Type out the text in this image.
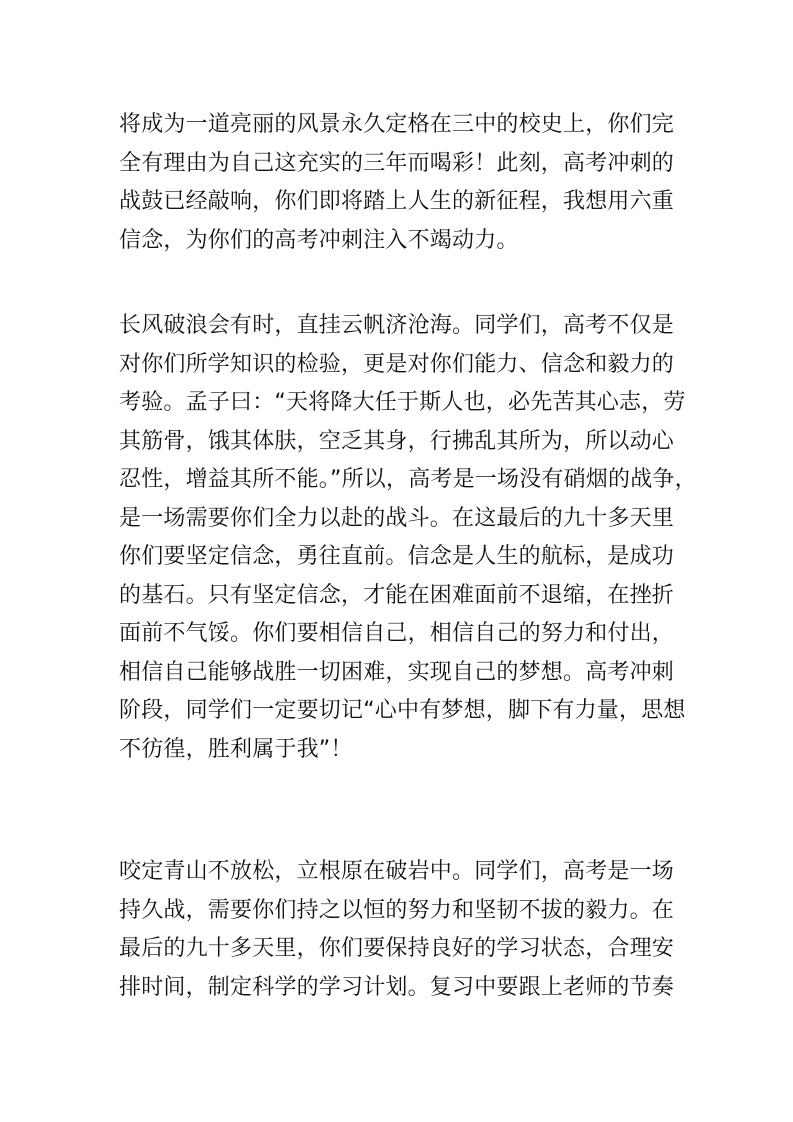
将成为一道亮丽的风景永久定格在三中的校史上，你们完
全有理由为自己这充实的三年而喝彩！此刻，高考冲刺的
战鼓已经敲响，你们即将踏上人生的新征程，我想用六重
信念，为你们的高考冲刺注入不竭动力。
长风破浪会有时，直挂云帆济沧海。同学们，高考不仅是
对你们所学知识的检验，更是对你们能力、信念和毅力的
考验。孟子曰：“天将降大任于斯人也，必先苦其心志，劳
其筋骨，饿其体肤，空乏其身，行拂乱其所为，所以动心
忍性，增益其所不能。”所以，高考是一场没有硝烟的战争，
是一场需要你们全力以赴的战斗。在这最后的九十多天里
你们要坚定信念，勇往直前。信念是人生的航标，是成功
的基石。只有坚定信念，才能在困难面前不退缩，在挫折
面前不气馁。你们要相信自己，相信自己的努力和付出，
相信自己能够战胜一切困难，实现自己的梦想。高考冲刺
阶段，同学们一定要切记“心中有梦想，脚下有力量，思想
不彷徨，胜利属于我”！
咬定青山不放松，立根原在破岩中。同学们，高考是一场
持久战，需要你们持之以恒的努力和坚韧不拔的毅力。在
最后的九十多天里，你们要保持良好的学习状态，合理安
排时间，制定科学的学习计划。复习中要跟上老师的节奏
